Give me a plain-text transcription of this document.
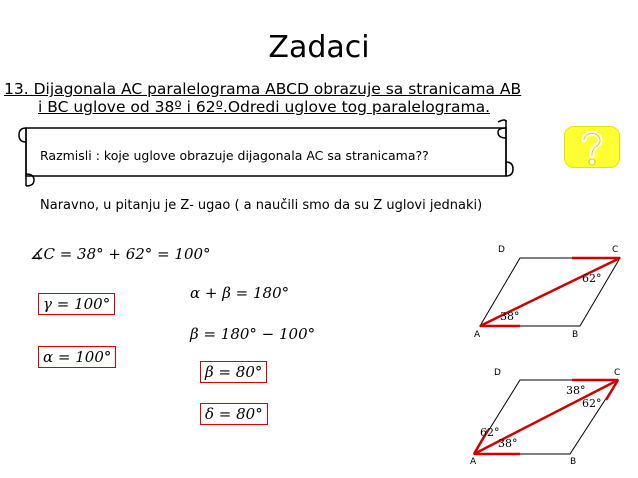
Zadaci
13. Dijagonala AC paralelograma ABCD obrazuje sa stranicama AB
i BC uglove od 38º i 62º.Odredi uglove tog paralelograma.
Razmisli : koje uglove obrazuje dijagonala AC sa stranicama??
Naravno, u pitanju je Z- ugao ( a naučili smo da su Z uglovi jednaki)
∡C = 38° + 62° = 100°
γ = 100°
α = 100°
α + β = 180°
β = 180° − 100°
β = 80°
δ = 80°
A	B
C
D
38°
62°
A	B
C
D
62°
38°
38°
62°
